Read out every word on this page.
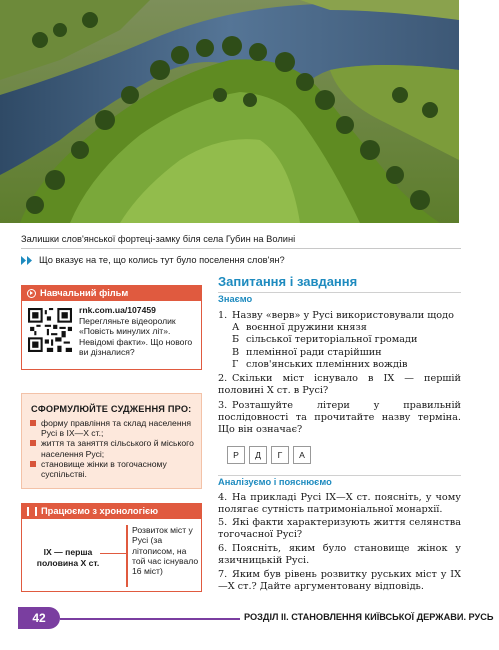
Залишки слов'янської фортеці-замку біля села Губин на Волині
Що вказує на те, що колись тут було поселення слов'ян?
Навчальний фільм
rnk.com.ua/107459
Перегляньте відеоролик «Повість минулих літ». Невідомі факти». Що нового ви дізналися?
СФОРМУЛЮЙТЕ СУДЖЕННЯ ПРО:
форму правління та склад населення Русі в IX—X ст.;
життя та заняття сільського й міського населення Русі;
становище жінки в тогочасному суспільстві.
Працюємо з хронологією
IX — перша половина X ст.
Розвиток міст у Русі (за літописом, на той час існувало 16 міст)
Запитання і завдання
Знаємо
1. Назву «верв» у Русі використовували щодо
А воєнної дружини князя
Б сільської територіальної громади
В племінної ради старійшин
Г слов'янських племінних вождів
2. Скільки міст існувало в IX — першій половині X ст. в Русі?
3. Розташуйте літери у правильній послідовності та прочитайте назву терміна. Що він означає?
Р	Д	Г	А
Аналізуємо і пояснюємо
4. На прикладі Русі IX—X ст. поясніть, у чому полягає сутність патримоніальної монархії.
5. Які факти характеризують життя селянства тогочасної Русі?
6. Поясніть, яким було становище жінок у язичницькій Русі.
7. Яким був рівень розвитку руських міст у IX—X ст.? Дайте аргументовану відповідь.
42	РОЗДІЛ II. СТАНОВЛЕННЯ КИЇВСЬКОЇ ДЕРЖАВИ. РУСЬ
